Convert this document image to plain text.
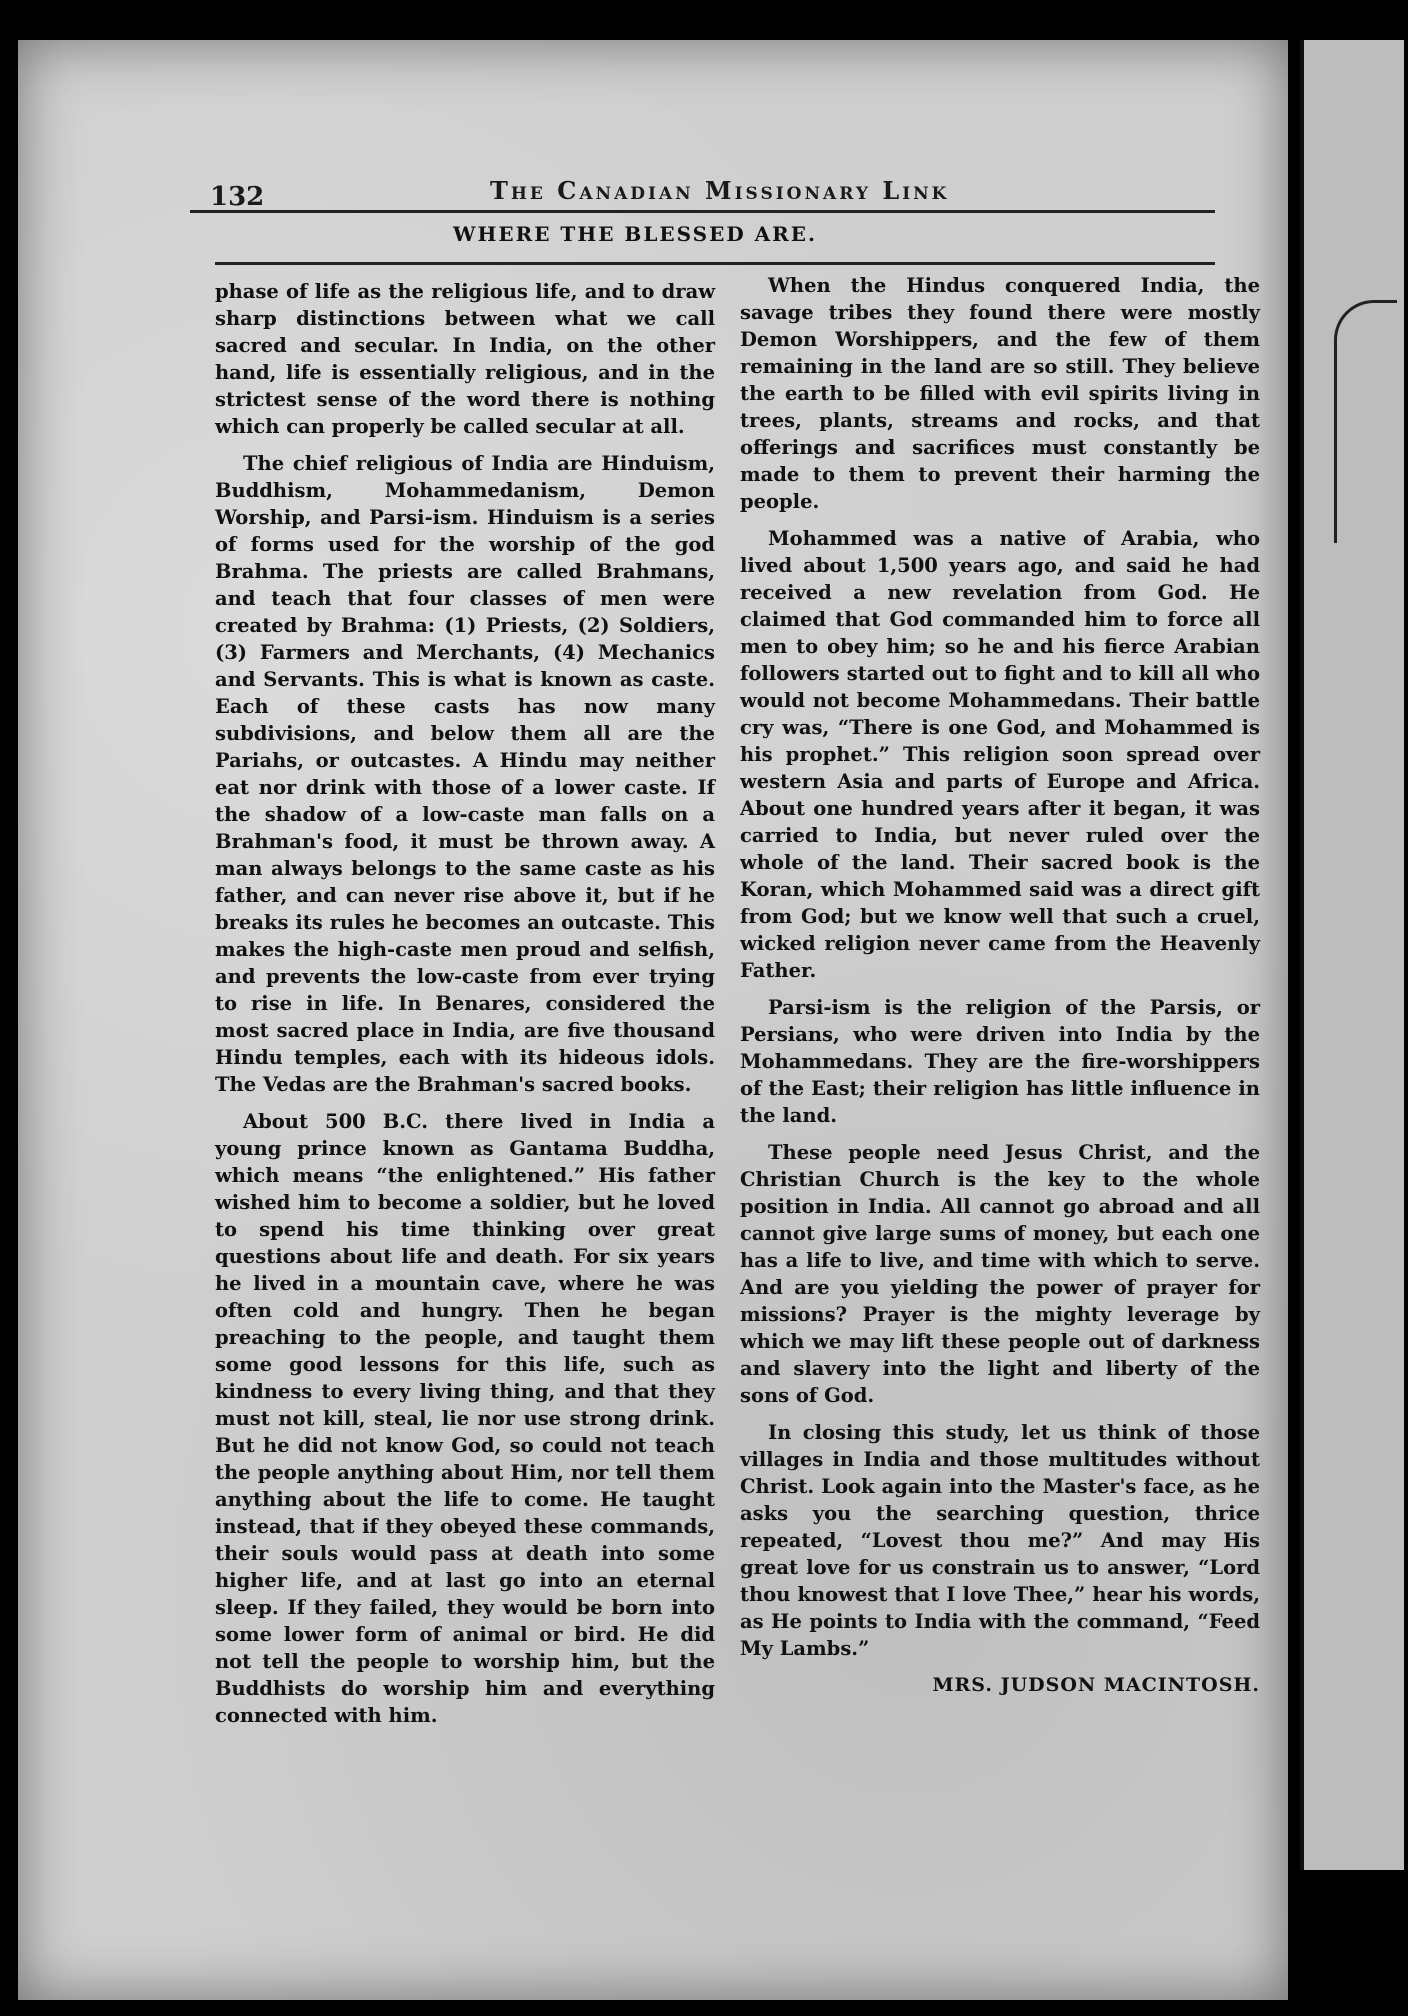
132	The Canadian Missionary Link
WHERE THE BLESSED ARE.

phase of life as the religious life, and to draw sharp distinctions between what we call sacred and secular. In India, on the other hand, life is essentially religious, and in the strictest sense of the word there is nothing which can properly be called secular at all.

The chief religious of India are Hinduism, Buddhism, Mohammedanism, Demon Worship, and Parsi-ism. Hinduism is a series of forms used for the worship of the god Brahma. The priests are called Brahmans, and teach that four classes of men were created by Brahma: (1) Priests, (2) Soldiers, (3) Farmers and Merchants, (4) Mechanics and Servants. This is what is known as caste. Each of these casts has now many subdivisions, and below them all are the Pariahs, or outcastes. A Hindu may neither eat nor drink with those of a lower caste. If the shadow of a low-caste man falls on a Brahman's food, it must be thrown away. A man always belongs to the same caste as his father, and can never rise above it, but if he breaks its rules he becomes an outcaste. This makes the high-caste men proud and selfish, and prevents the low-caste from ever trying to rise in life. In Benares, considered the most sacred place in India, are five thousand Hindu temples, each with its hideous idols. The Vedas are the Brahman's sacred books.

About 500 B.C. there lived in India a young prince known as Gantama Buddha, which means “the enlightened.” His father wished him to become a soldier, but he loved to spend his time thinking over great questions about life and death. For six years he lived in a mountain cave, where he was often cold and hungry. Then he began preaching to the people, and taught them some good lessons for this life, such as kindness to every living thing, and that they must not kill, steal, lie nor use strong drink. But he did not know God, so could not teach the people anything about Him, nor tell them anything about the life to come. He taught instead, that if they obeyed these commands, their souls would pass at death into some higher life, and at last go into an eternal sleep. If they failed, they would be born into some lower form of animal or bird. He did not tell the people to worship him, but the Buddhists do worship him and everything connected with him.

When the Hindus conquered India, the savage tribes they found there were mostly Demon Worshippers, and the few of them remaining in the land are so still. They believe the earth to be filled with evil spirits living in trees, plants, streams and rocks, and that offerings and sacrifices must constantly be made to them to prevent their harming the people.

Mohammed was a native of Arabia, who lived about 1,500 years ago, and said he had received a new revelation from God. He claimed that God commanded him to force all men to obey him; so he and his fierce Arabian followers started out to fight and to kill all who would not become Mohammedans. Their battle cry was, “There is one God, and Mohammed is his prophet.” This religion soon spread over western Asia and parts of Europe and Africa. About one hundred years after it began, it was carried to India, but never ruled over the whole of the land. Their sacred book is the Koran, which Mohammed said was a direct gift from God; but we know well that such a cruel, wicked religion never came from the Heavenly Father.

Parsi-ism is the religion of the Parsis, or Persians, who were driven into India by the Mohammedans. They are the fire-worshippers of the East; their religion has little influence in the land.

These people need Jesus Christ, and the Christian Church is the key to the whole position in India. All cannot go abroad and all cannot give large sums of money, but each one has a life to live, and time with which to serve. And are you yielding the power of prayer for missions? Prayer is the mighty leverage by which we may lift these people out of darkness and slavery into the light and liberty of the sons of God.

In closing this study, let us think of those villages in India and those multitudes without Christ. Look again into the Master's face, as he asks you the searching question, thrice repeated, “Lovest thou me?” And may His great love for us constrain us to answer, “Lord thou knowest that I love Thee,” hear his words, as He points to India with the command, “Feed My Lambs.”

MRS. JUDSON MACINTOSH.
